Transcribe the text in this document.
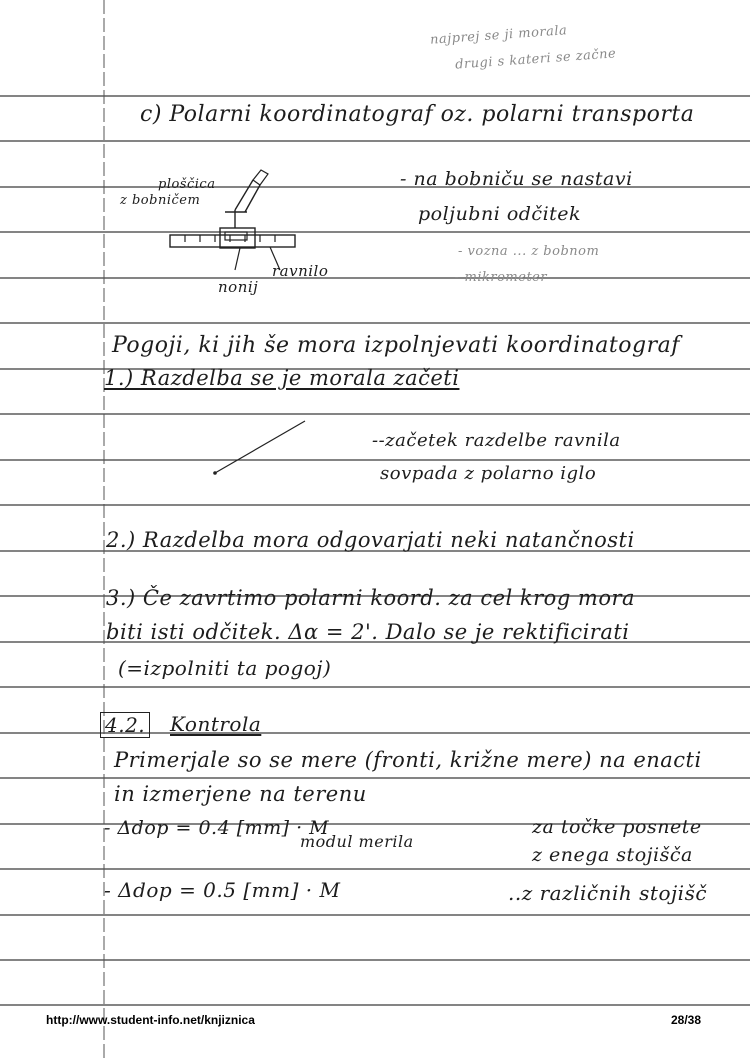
najprej se ji morala
drugi s kateri se začne
c) Polarni koordinatograf oz. polarni transporta
ploščica
z bobničem
nonij
ravnilo
- na bobniču se nastavi
poljubni odčitek
- vozna ... z bobnom
- mikrometer
Pogoji, ki jih še mora izpolnjevati koordinatograf
1.) Razdelba se je morala začeti
--začetek razdelbe ravnila
sovpada z polarno iglo
2.) Razdelba mora odgovarjati neki natančnosti
3.) Če zavrtimo polarni koord. za cel krog mora
biti isti odčitek. Δα = 2'. Dalo se je rektificirati
(=izpolniti ta pogoj)
4.2. Kontrola
Primerjale so se mere (fronti, križne mere) na enacti
in izmerjene na terenu
- Δdop = 0.4 [mm] · M
modul merila
za točke posnete
z enega stojišča
- Δdop = 0.5 [mm] · M	..z različnih stojišč
http://www.student-info.net/knjiznica	28/38
